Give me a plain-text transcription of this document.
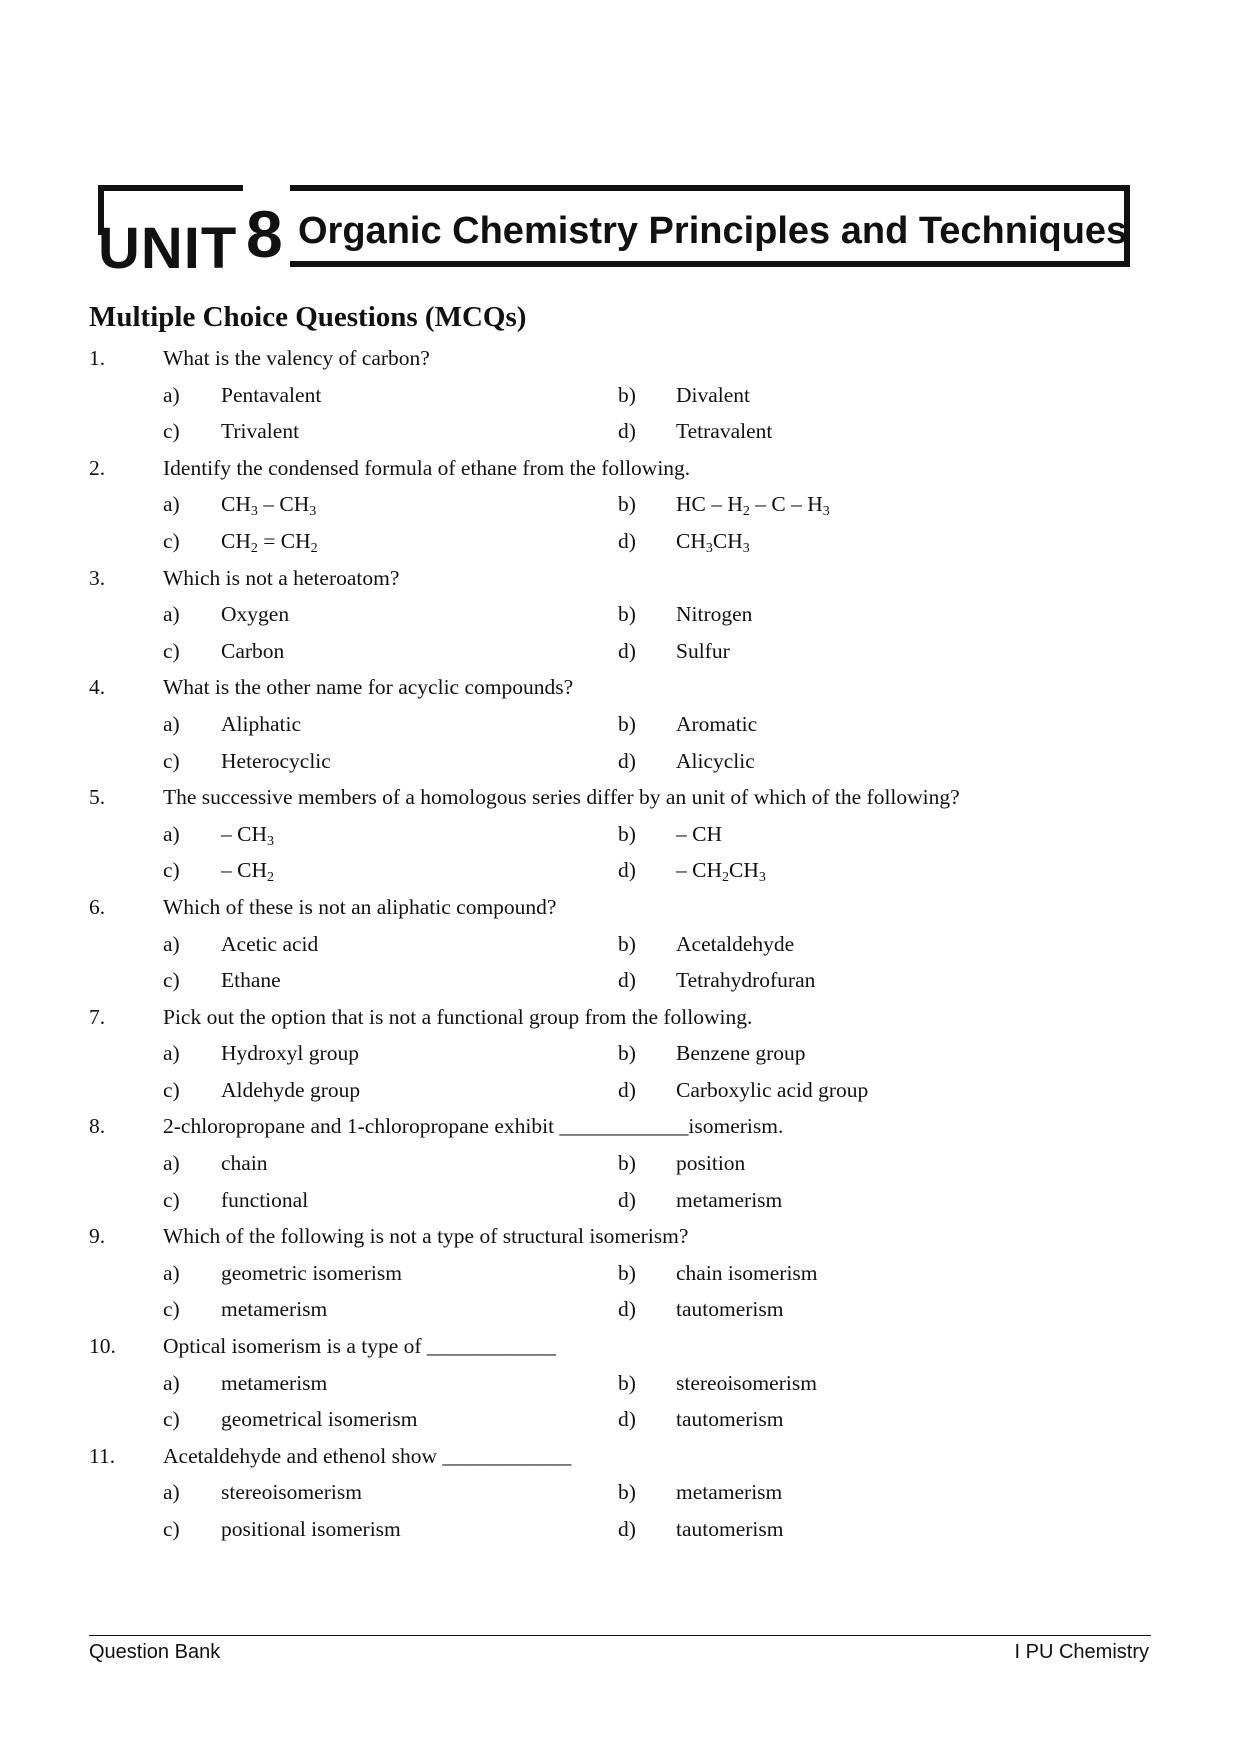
UNIT 8 Organic Chemistry Principles and Techniques
Multiple Choice Questions (MCQs)
1.	What is the valency of carbon?
a) Pentavalent	b) Divalent
c) Trivalent	d) Tetravalent
2.	Identify the condensed formula of ethane from the following.
a) $CH_3 - CH_3$	b) HC – $H_2$ – C – $H_3$
c) $CH_2 = CH_2$	d) $CH_3CH_3$
3.	Which is not a heteroatom?
a) Oxygen	b) Nitrogen
c) Carbon	d) Sulfur
4.	What is the other name for acyclic compounds?
a) Aliphatic	b) Aromatic
c) Heterocyclic	d) Alicyclic
5.	The successive members of a homologous series differ by an unit of which of the following?
$a) - CH_3$	b) – CH
$c) - CH_2$	$d) - CH_2CH_3$
6.	Which of these is not an aliphatic compound?
a) Acetic acid	b) Acetaldehyde
c) Ethane	d) Tetrahydrofuran
7.	Pick out the option that is not a functional group from the following.
a) Hydroxyl group	b) Benzene group
c) Aldehyde group	d) Carboxylic acid group
8.	2-chloropropane and 1-chloropropane exhibit ____________isomerism.
a) chain	b) position
c) functional	d) metamerism
9.	Which of the following is not a type of structural isomerism?
a) geometric isomerism	b) chain isomerism
c) metamerism	d) tautomerism
10. Optical isomerism is a type of ____________
a) metamerism	b) stereoisomerism
c) geometrical isomerism	d) tautomerism
11. Acetaldehyde and ethenol show ____________
a) stereoisomerism	b) metamerism
c) positional isomerism	d) tautomerism
Question Bank	I PU Chemistry
